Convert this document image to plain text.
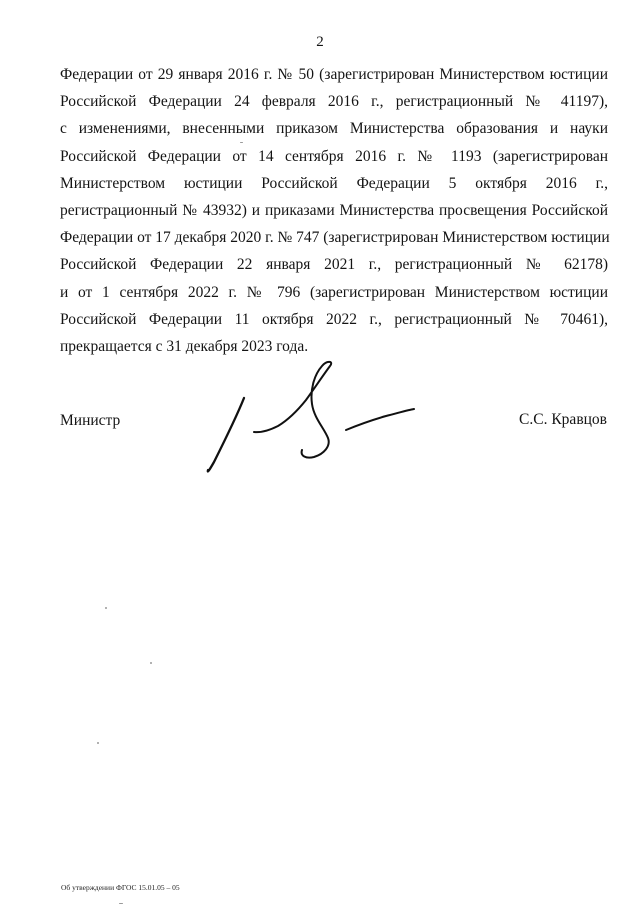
2
Федерации от 29 января 2016 г. № 50 (зарегистрирован Министерством юстиции
Российской Федерации 24 февраля 2016 г., регистрационный № 41197),
с изменениями, внесенными приказом Министерства образования и науки
Российской Федерации от 14 сентября 2016 г. № 1193 (зарегистрирован
Министерством юстиции Российской Федерации 5 октября 2016 г.,
регистрационный № 43932) и приказами Министерства просвещения Российской
Федерации от 17 декабря 2020 г. № 747 (зарегистрирован Министерством юстиции
Российской Федерации 22 января 2021 г., регистрационный № 62178)
и от 1 сентября 2022 г. № 796 (зарегистрирован Министерством юстиции
Российской Федерации 11 октября 2022 г., регистрационный № 70461),
прекращается с 31 декабря 2023 года.
Министр	С.С. Кравцов
Об утверждении ФГОС 15.01.05 – 05
